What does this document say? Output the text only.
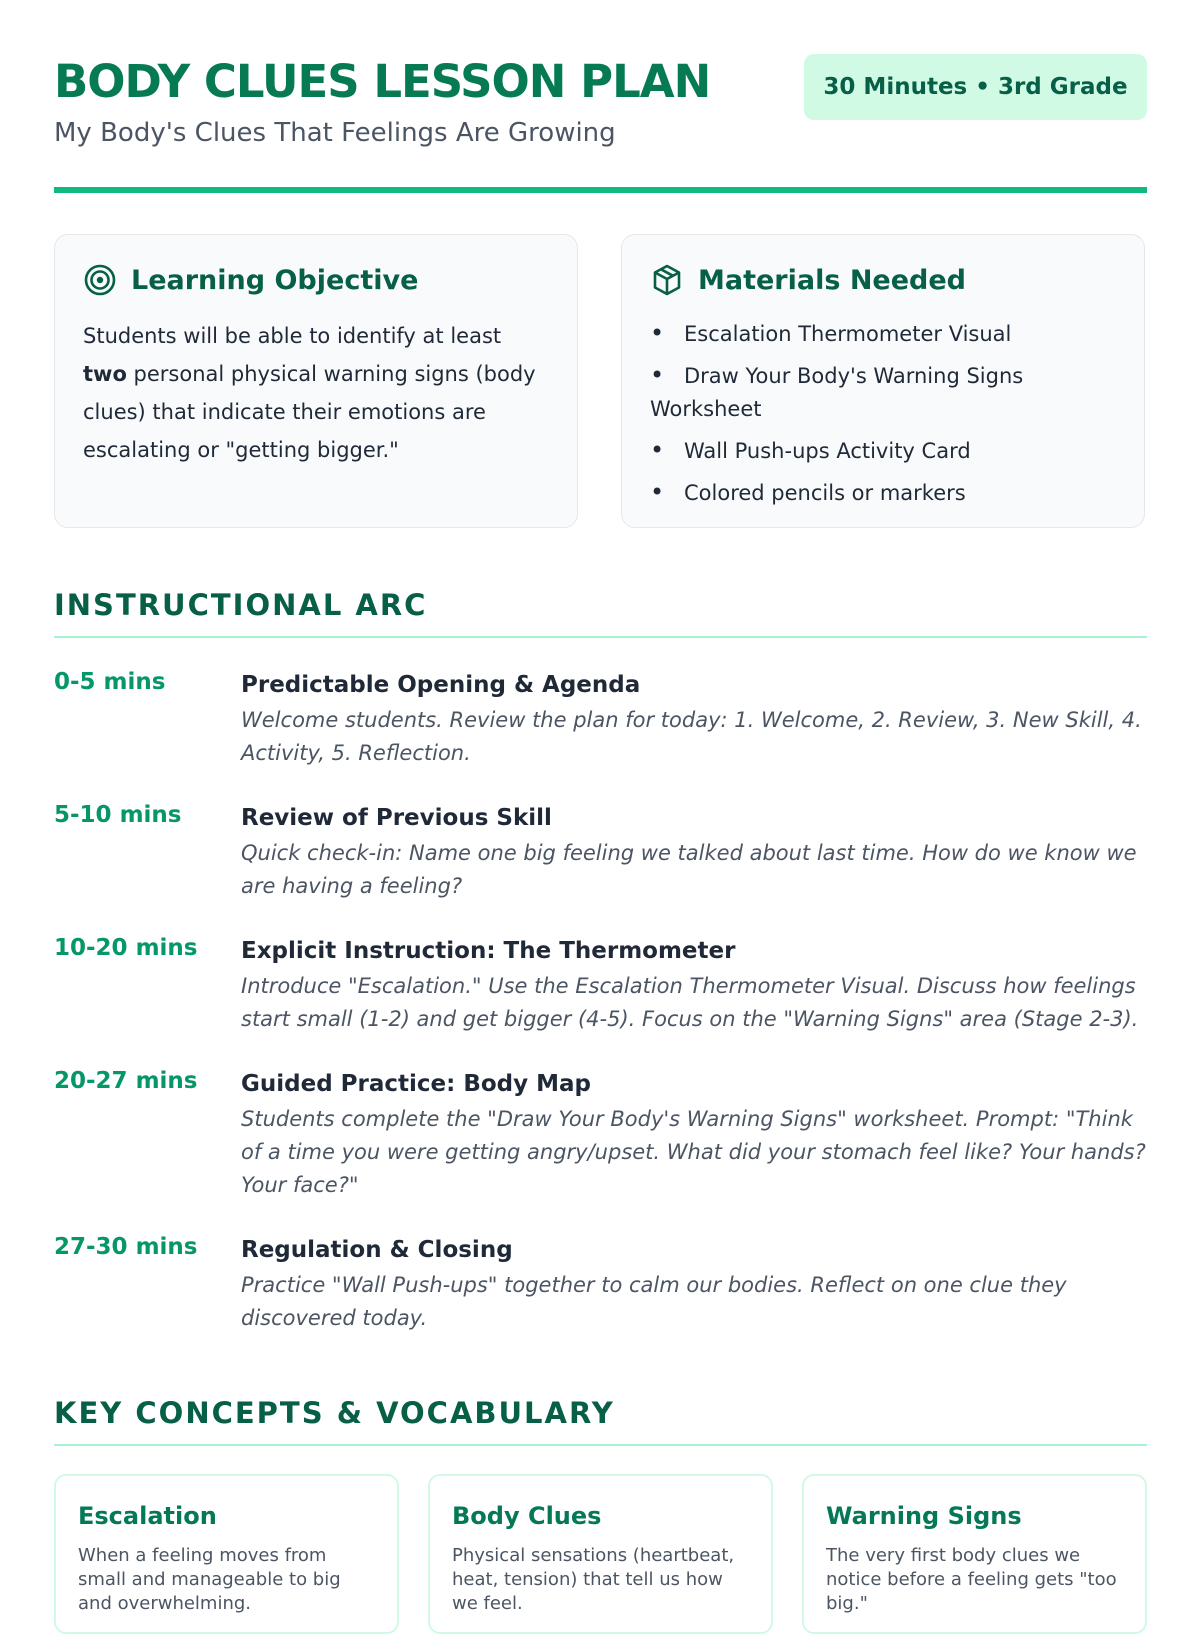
BODY CLUES LESSON PLAN
My Body's Clues That Feelings Are Growing
30 Minutes • 3rd Grade
Learning Objective
Students will be able to identify at least two personal physical warning signs (body clues) that indicate their emotions are escalating or "getting bigger."
Materials Needed
• Escalation Thermometer Visual
• Draw Your Body's Warning Signs Worksheet
• Wall Push-ups Activity Card
• Colored pencils or markers
INSTRUCTIONAL ARC
0-5 mins	Predictable Opening & Agenda
Welcome students. Review the plan for today: 1. Welcome, 2. Review, 3. New Skill, 4. Activity, 5. Reflection.
5-10 mins	Review of Previous Skill
Quick check-in: Name one big feeling we talked about last time. How do we know we are having a feeling?
10-20 mins Explicit Instruction: The Thermometer
Introduce "Escalation." Use the Escalation Thermometer Visual. Discuss how feelings start small (1-2) and get bigger (4-5). Focus on the "Warning Signs" area (Stage 2-3).
20-27 mins Guided Practice: Body Map
Students complete the "Draw Your Body's Warning Signs" worksheet. Prompt: "Think of a time you were getting angry/upset. What did your stomach feel like? Your hands? Your face?"
27-30 mins Regulation & Closing
Practice "Wall Push-ups" together to calm our bodies. Reflect on one clue they discovered today.
KEY CONCEPTS & VOCABULARY
Escalation
When a feeling moves from small and manageable to big and overwhelming.
Body Clues
Physical sensations (heartbeat, heat, tension) that tell us how we feel.
Warning Signs
The very first body clues we notice before a feeling gets "too big."
